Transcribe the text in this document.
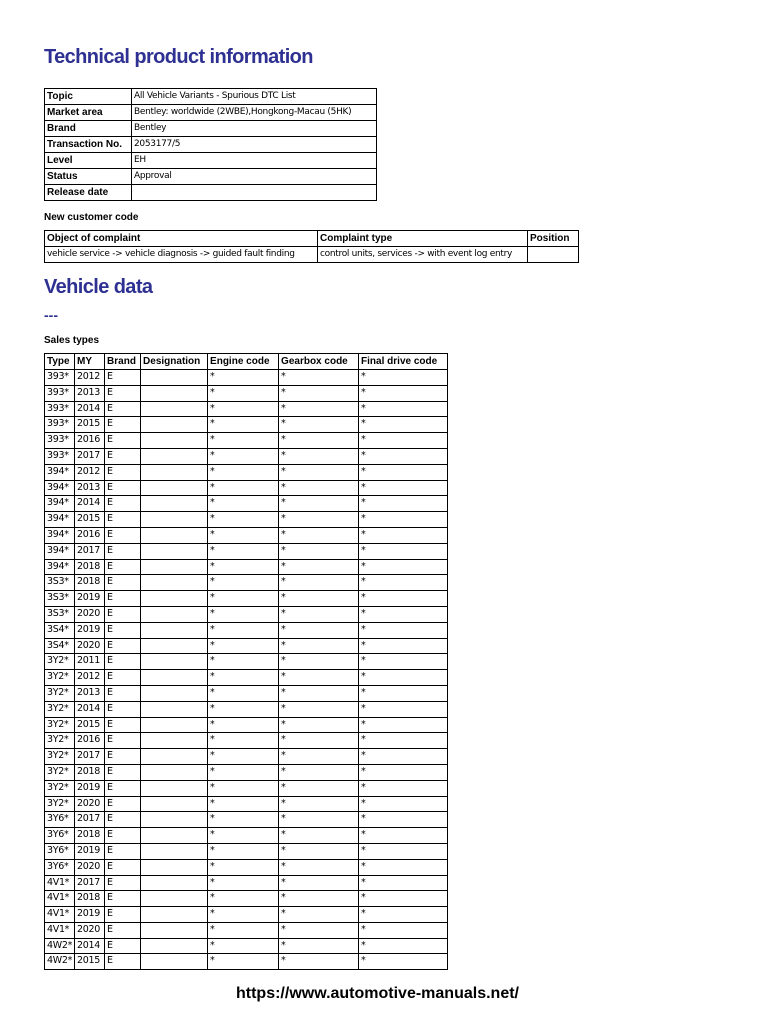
Technical product information
Topic	All Vehicle Variants - Spurious DTC List
Market area	Bentley: worldwide (2WBE),Hongkong-Macau (5HK)
Brand	Bentley
Transaction No.	2053177/5
Level	EH
Status	Approval
Release date	
New customer code
Object of complaint	Complaint type	Position
vehicle service -> vehicle diagnosis -> guided fault finding	control units, services -> with event log entry	
Vehicle data
---
Sales types
Type	MY	Brand	Designation	Engine code	Gearbox code	Final drive code
393*	2012	E		*	*	*
393*	2013	E		*	*	*
393*	2014	E		*	*	*
393*	2015	E		*	*	*
393*	2016	E		*	*	*
393*	2017	E		*	*	*
394*	2012	E		*	*	*
394*	2013	E		*	*	*
394*	2014	E		*	*	*
394*	2015	E		*	*	*
394*	2016	E		*	*	*
394*	2017	E		*	*	*
394*	2018	E		*	*	*
3S3*	2018	E		*	*	*
3S3*	2019	E		*	*	*
3S3*	2020	E		*	*	*
3S4*	2019	E		*	*	*
3S4*	2020	E		*	*	*
3Y2*	2011	E		*	*	*
3Y2*	2012	E		*	*	*
3Y2*	2013	E		*	*	*
3Y2*	2014	E		*	*	*
3Y2*	2015	E		*	*	*
3Y2*	2016	E		*	*	*
3Y2*	2017	E		*	*	*
3Y2*	2018	E		*	*	*
3Y2*	2019	E		*	*	*
3Y2*	2020	E		*	*	*
3Y6*	2017	E		*	*	*
3Y6*	2018	E		*	*	*
3Y6*	2019	E		*	*	*
3Y6*	2020	E		*	*	*
4V1*	2017	E		*	*	*
4V1*	2018	E		*	*	*
4V1*	2019	E		*	*	*
4V1*	2020	E		*	*	*
4W2*	2014	E		*	*	*
4W2*	2015	E		*	*	*
https://www.automotive-manuals.net/
